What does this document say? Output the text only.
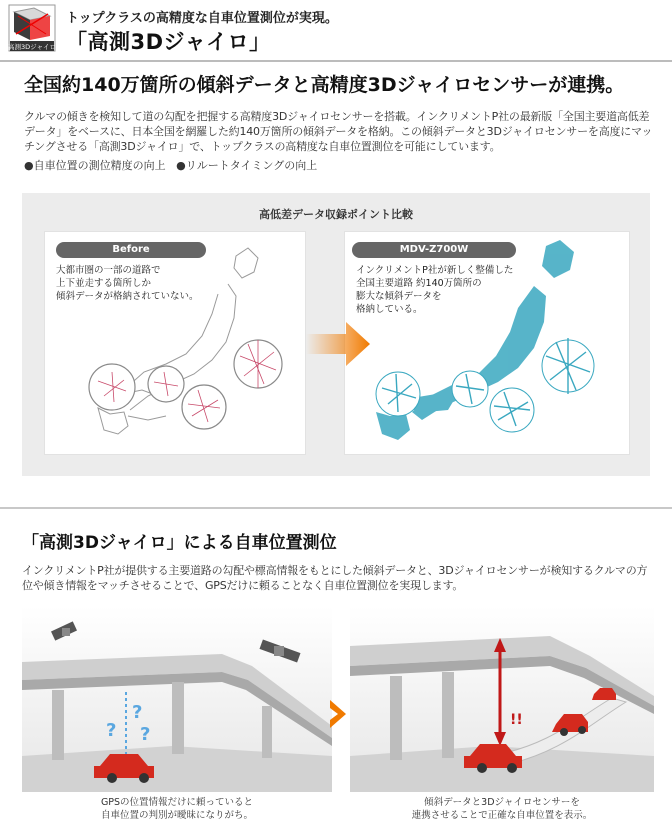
高測3Dジャイロ
トップクラスの高精度な自車位置測位が実現。
「高測3Dジャイロ」
全国約140万箇所の傾斜データと高精度3Dジャイロセンサーが連携。
クルマの傾きを検知して道の勾配を把握する高精度3Dジャイロセンサーを搭載。インクリメントP社の最新版「全国主要道高低差データ」をベースに、日本全国を網羅した約140万箇所の傾斜データを格納。この傾斜データと3Dジャイロセンサーを高度にマッチングさせる「高測3Dジャイロ」で、トップクラスの高精度な自車位置測位を可能にしています。
●自車位置の測位精度の向上 ●リルートタイミングの向上
高低差データ収録ポイント比較
Before
大都市圏の一部の道路で
上下並走する箇所しか
傾斜データが格納されていない。
MDV-Z700W
インクリメントP社が新しく整備した
全国主要道路 約140万箇所の
膨大な傾斜データを
格納している。
「高測3Dジャイロ」による自車位置測位
インクリメントP社が提供する主要道路の勾配や標高情報をもとにした傾斜データと、3Dジャイロセンサーが検知するクルマの方位や傾き情報をマッチさせることで、GPSだけに頼ることなく自車位置測位を実現します。
?
?
?
!!
GPSの位置情報だけに頼っていると
自車位置の判別が曖昧になりがち。
傾斜データと3Dジャイロセンサーを
連携させることで正確な自車位置を表示。
